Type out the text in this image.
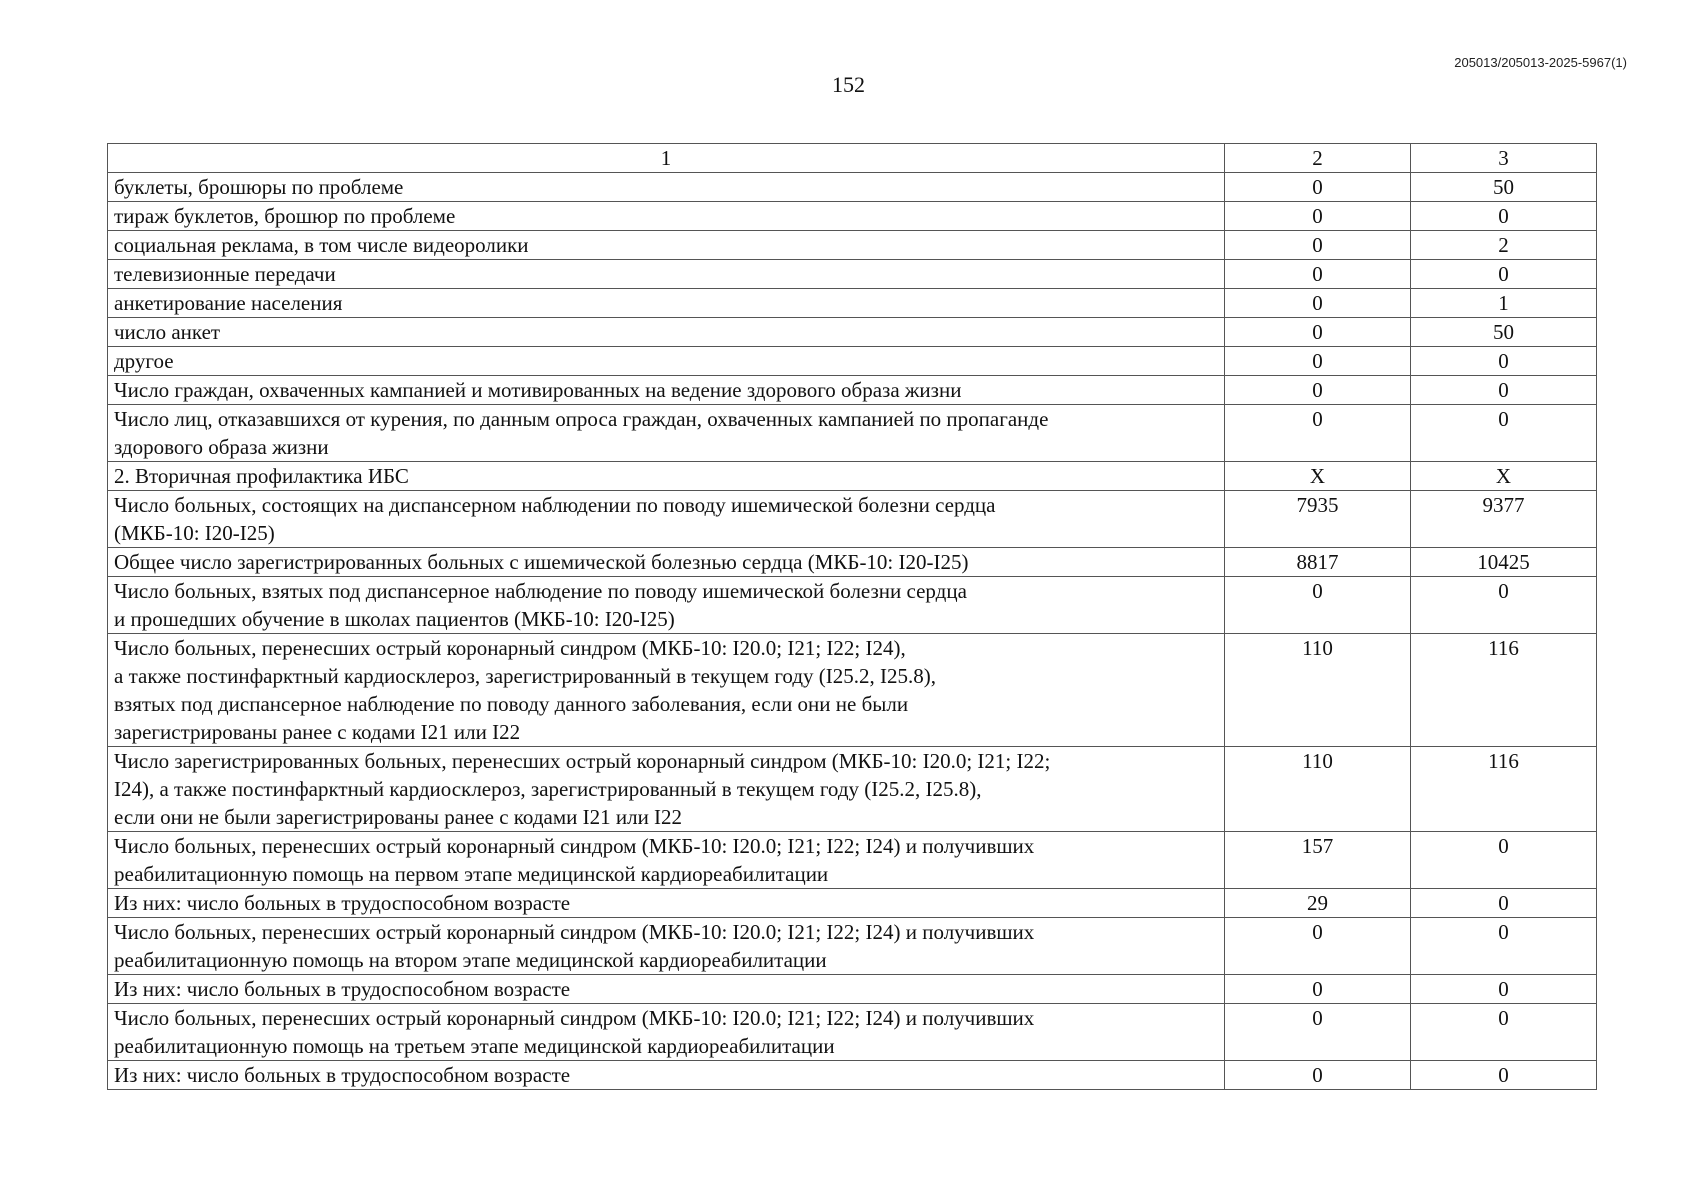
205013/205013-2025-5967(1)
152
1	2	3
буклеты, брошюры по проблеме	0	50
тираж буклетов, брошюр по проблеме	0	0
социальная реклама, в том числе видеоролики	0	2
телевизионные передачи	0	0
анкетирование населения	0	1
число анкет	0	50
другое	0	0
Число граждан, охваченных кампанией и мотивированных на ведение здорового образа жизни	0	0
Число лиц, отказавшихся от курения, по данным опроса граждан, охваченных кампанией по пропаганде
здорового образа жизни	0	0
2. Вторичная профилактика ИБС	Х	Х
Число больных, состоящих на диспансерном наблюдении по поводу ишемической болезни сердца
(МКБ-10: I20-I25)	7935	9377
Общее число зарегистрированных больных с ишемической болезнью сердца (МКБ-10: I20-I25)	8817	10425
Число больных, взятых под диспансерное наблюдение по поводу ишемической болезни сердца
и прошедших обучение в школах пациентов (МКБ-10: I20-I25)	0	0
Число больных, перенесших острый коронарный синдром (МКБ-10: I20.0; I21; I22; I24),
а также постинфарктный кардиосклероз, зарегистрированный в текущем году (I25.2, I25.8),
взятых под диспансерное наблюдение по поводу данного заболевания, если они не были
зарегистрированы ранее с кодами I21 или I22	110	116
Число зарегистрированных больных, перенесших острый коронарный синдром (МКБ-10: I20.0; I21; I22;
I24), а также постинфарктный кардиосклероз, зарегистрированный в текущем году (I25.2, I25.8),
если они не были зарегистрированы ранее с кодами I21 или I22	110	116
Число больных, перенесших острый коронарный синдром (МКБ-10: I20.0; I21; I22; I24) и получивших
реабилитационную помощь на первом этапе медицинской кардиореабилитации	157	0
Из них: число больных в трудоспособном возрасте	29	0
Число больных, перенесших острый коронарный синдром (МКБ-10: I20.0; I21; I22; I24) и получивших
реабилитационную помощь на втором этапе медицинской кардиореабилитации	0	0
Из них: число больных в трудоспособном возрасте	0	0
Число больных, перенесших острый коронарный синдром (МКБ-10: I20.0; I21; I22; I24) и получивших
реабилитационную помощь на третьем этапе медицинской кардиореабилитации	0	0
Из них: число больных в трудоспособном возрасте	0	0
